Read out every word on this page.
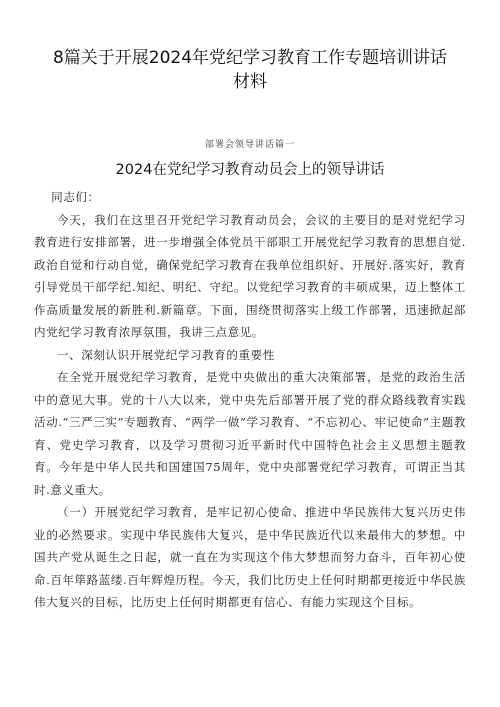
8篇关于开展2024年党纪学习教育工作专题培训讲话
材料
部署会领导讲话篇一
2024在党纪学习教育动员会上的领导讲话

同志们：

今天，我们在这里召开党纪学习教育动员会，会议的主要目的是对党纪学习教育进行安排部署，进一步增强全体党员干部职工开展党纪学习教育的思想自觉.政治自觉和行动自觉，确保党纪学习教育在我单位组织好、开展好.落实好，教育引导党员干部学纪.知纪、明纪、守纪。以党纪学习教育的丰硕成果，迈上整体工作高质量发展的新胜利.新篇章。下面，围绕贯彻落实上级工作部署，迅速掀起部内党纪学习教育浓厚氛围，我讲三点意见。

一、深刻认识开展党纪学习教育的重要性

在全党开展党纪学习教育，是党中央做出的重大决策部署，是党的政治生活中的意见大事。党的十八大以来，党中央先后部署开展了党的群众路线教育实践活动.“三严三实”专题教育、“两学一做”学习教育、“不忘初心、牢记使命”主题教育、党史学习教育，以及学习贯彻习近平新时代中国特色社会主义思想主题教育。今年是中华人民共和国建国75周年，党中央部署党纪学习教育，可谓正当其时.意义重大。

（一）开展党纪学习教育，是牢记初心使命、推进中华民族伟大复兴历史伟业的必然要求。实现中华民族伟大复兴，是中华民族近代以来最伟大的梦想。中国共产党从诞生之日起，就一直在为实现这个伟大梦想而努力奋斗，百年初心使命.百年筚路蓝缕.百年辉煌历程。今天，我们比历史上任何时期都更接近中华民族伟大复兴的目标，比历史上任何时期都更有信心、有能力实现这个目标。
